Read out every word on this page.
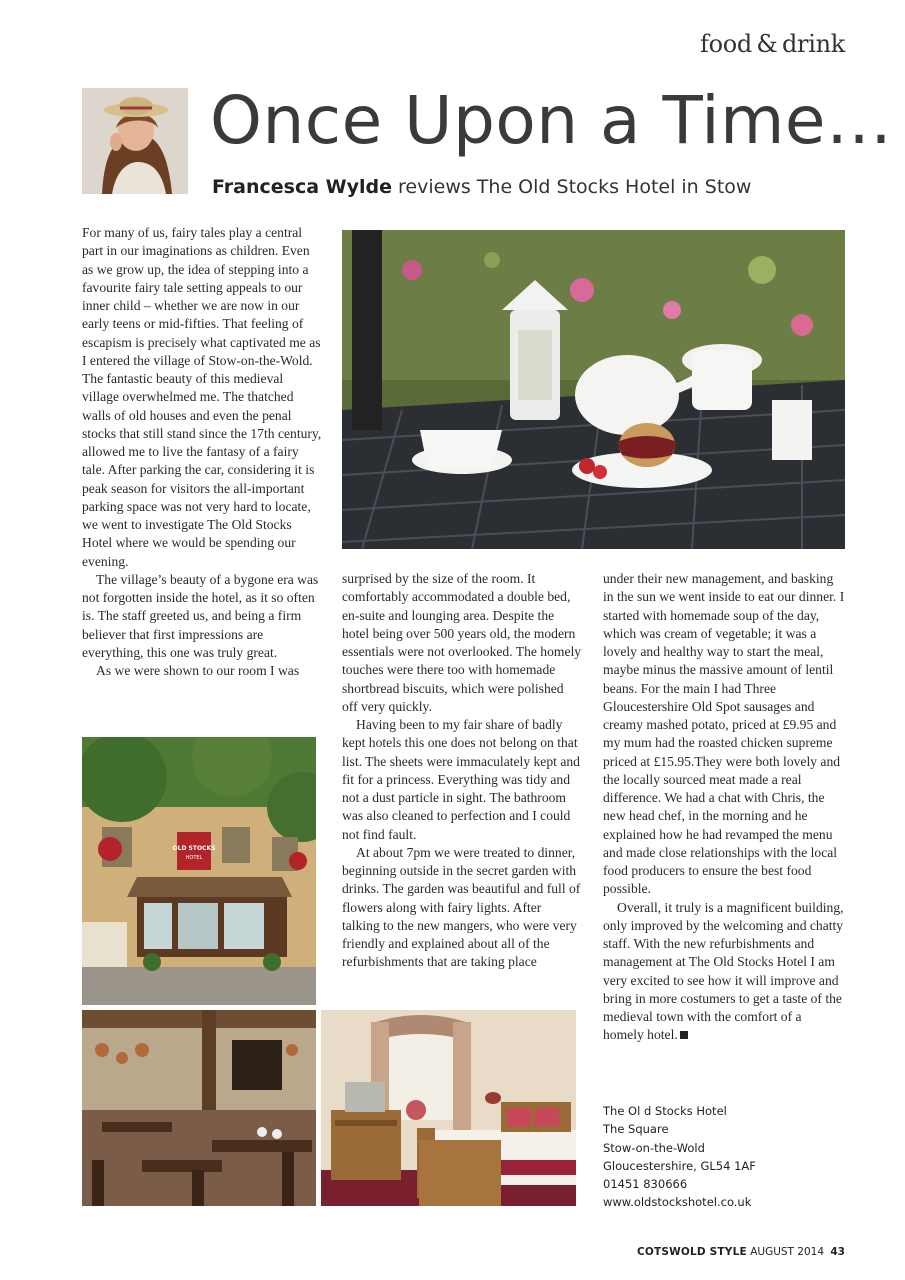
food & drink
Once Upon a Time…
Francesca Wylde reviews The Old Stocks Hotel in Stow

For many of us, fairy tales play a central part in our imaginations as children. Even as we grow up, the idea of stepping into a favourite fairy tale setting appeals to our inner child – whether we are now in our early teens or mid-fifties. That feeling of escapism is precisely what captivated me as I entered the village of Stow-on-the-Wold. The fantastic beauty of this medieval village overwhelmed me. The thatched walls of old houses and even the penal stocks that still stand since the 17th century, allowed me to live the fantasy of a fairy tale. After parking the car, considering it is peak season for visitors the all-important parking space was not very hard to locate, we went to investigate The Old Stocks Hotel where we would be spending our evening.

The village’s beauty of a bygone era was not forgotten inside the hotel, as it so often is. The staff greeted us, and being a firm believer that first impressions are everything, this one was truly great.

As we were shown to our room I was

surprised by the size of the room. It comfortably accommodated a double bed, en-suite and lounging area. Despite the hotel being over 500 years old, the modern essentials were not overlooked. The homely touches were there too with homemade shortbread biscuits, which were polished off very quickly.

Having been to my fair share of badly kept hotels this one does not belong on that list. The sheets were immaculately kept and fit for a princess. Everything was tidy and not a dust particle in sight. The bathroom was also cleaned to perfection and I could not find fault.

At about 7pm we were treated to dinner, beginning outside in the secret garden with drinks. The garden was beautiful and full of flowers along with fairy lights. After talking to the new mangers, who were very friendly and explained about all of the refurbishments that are taking place

under their new management, and basking in the sun we went inside to eat our dinner. I started with homemade soup of the day, which was cream of vegetable; it was a lovely and healthy way to start the meal, maybe minus the massive amount of lentil beans. For the main I had Three Gloucestershire Old Spot sausages and creamy mashed potato, priced at £9.95 and my mum had the roasted chicken supreme priced at £15.95.They were both lovely and the locally sourced meat made a real difference. We had a chat with Chris, the new head chef, in the morning and he explained how he had revamped the menu and made close relationships with the local food producers to ensure the best food possible.

Overall, it truly is a magnificent building, only improved by the welcoming and chatty staff. With the new refurbishments and management at The Old Stocks Hotel I am very excited to see how it will improve and bring in more costumers to get a taste of the medieval town with the comfort of a homely hotel.

The Ol d Stocks Hotel
The Square
Stow-on-the-Wold
Gloucestershire, GL54 1AF
01451 830666
www.oldstockshotel.co.uk
OLD STOCKS
HOTEL
COTSWOLD STYLE AUGUST 2014 43
